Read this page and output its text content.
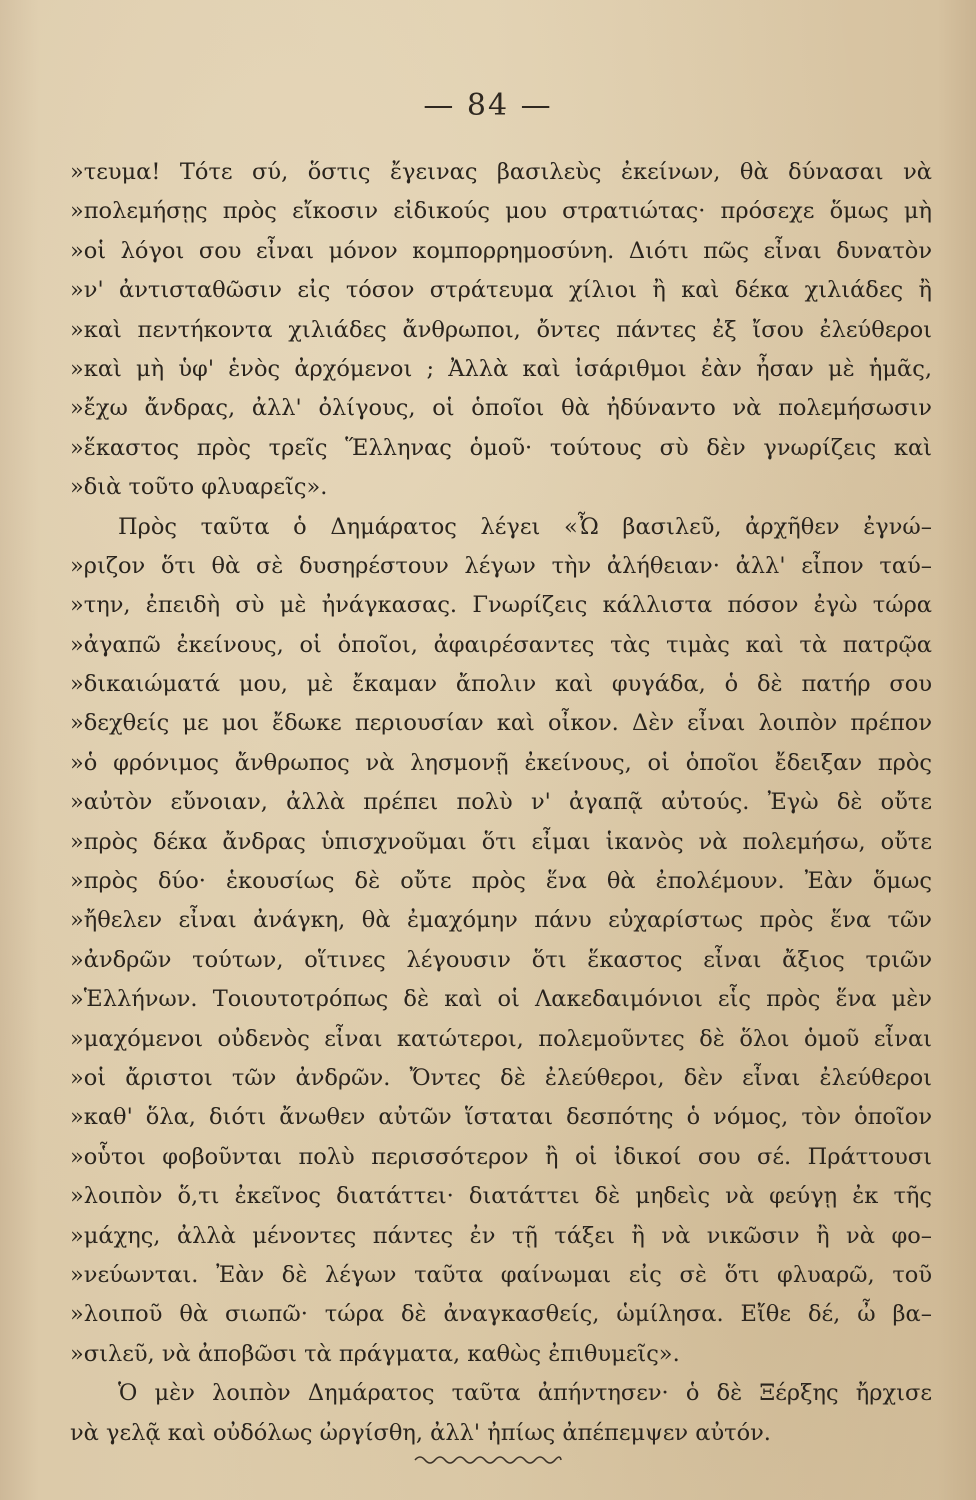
— 84 —
»τευμα! Τότε σύ, ὅστις ἔγεινας βασιλεὺς ἐκείνων, θὰ δύνασαι νὰ
»πολεμήσῃς πρὸς εἴκοσιν εἰδικούς μου στρατιώτας· πρόσεχε ὅμως μὴ
»οἱ λόγοι σου εἶναι μόνον κομπορρημοσύνη. Διότι πῶς εἶναι δυνατὸν
»ν' ἀντισταθῶσιν εἰς τόσον στράτευμα χίλιοι ἢ καὶ δέκα χιλιάδες ἢ
»καὶ πεντήκοντα χιλιάδες ἄνθρωποι, ὄντες πάντες ἐξ ἴσου ἐλεύθεροι
»καὶ μὴ ὑφ' ἑνὸς ἀρχόμενοι ; Ἀλλὰ καὶ ἰσάριθμοι ἐὰν ἦσαν μὲ ἡμᾶς,
»ἔχω ἄνδρας, ἀλλ' ὀλίγους, οἱ ὁποῖοι θὰ ἠδύναντο νὰ πολεμήσωσιν
»ἕκαστος πρὸς τρεῖς Ἕλληνας ὁμοῦ· τούτους σὺ δὲν γνωρίζεις καὶ
»διὰ τοῦτο φλυαρεῖς».
Πρὸς ταῦτα ὁ Δημάρατος λέγει «Ὦ βασιλεῦ, ἀρχῆθεν ἐγνώ–
»ριζον ὅτι θὰ σὲ δυσηρέστουν λέγων τὴν ἀλήθειαν· ἀλλ' εἶπον ταύ–
»την, ἐπειδὴ σὺ μὲ ἠνάγκασας. Γνωρίζεις κάλλιστα πόσον ἐγὼ τώρα
»ἀγαπῶ ἐκείνους, οἱ ὁποῖοι, ἀφαιρέσαντες τὰς τιμὰς καὶ τὰ πατρῷα
»δικαιώματά μου, μὲ ἔκαμαν ἄπολιν καὶ φυγάδα, ὁ δὲ πατήρ σου
»δεχθείς με μοι ἔδωκε περιουσίαν καὶ οἶκον. Δὲν εἶναι λοιπὸν πρέπον
»ὁ φρόνιμος ἄνθρωπος νὰ λησμονῇ ἐκείνους, οἱ ὁποῖοι ἔδειξαν πρὸς
»αὐτὸν εὔνοιαν, ἀλλὰ πρέπει πολὺ ν' ἀγαπᾷ αὐτούς. Ἐγὼ δὲ οὔτε
»πρὸς δέκα ἄνδρας ὑπισχνοῦμαι ὅτι εἶμαι ἱκανὸς νὰ πολεμήσω, οὔτε
»πρὸς δύο· ἑκουσίως δὲ οὔτε πρὸς ἕνα θὰ ἐπολέμουν. Ἐὰν ὅμως
»ἤθελεν εἶναι ἀνάγκη, θὰ ἐμαχόμην πάνυ εὐχαρίστως πρὸς ἕνα τῶν
»ἀνδρῶν τούτων, οἵτινες λέγουσιν ὅτι ἕκαστος εἶναι ἄξιος τριῶν
»Ἑλλήνων. Τοιουτοτρόπως δὲ καὶ οἱ Λακεδαιμόνιοι εἷς πρὸς ἕνα μὲν
»μαχόμενοι οὐδενὸς εἶναι κατώτεροι, πολεμοῦντες δὲ ὅλοι ὁμοῦ εἶναι
»οἱ ἄριστοι τῶν ἀνδρῶν. Ὄντες δὲ ἐλεύθεροι, δὲν εἶναι ἐλεύθεροι
»καθ' ὅλα, διότι ἄνωθεν αὐτῶν ἵσταται δεσπότης ὁ νόμος, τὸν ὁποῖον
»οὗτοι φοβοῦνται πολὺ περισσότερον ἢ οἱ ἰδικοί σου σέ. Πράττουσι
»λοιπὸν ὅ,τι ἐκεῖνος διατάττει· διατάττει δὲ μηδεὶς νὰ φεύγῃ ἐκ τῆς
»μάχης, ἀλλὰ μένοντες πάντες ἐν τῇ τάξει ἢ νὰ νικῶσιν ἢ νὰ φο–
»νεύωνται. Ἐὰν δὲ λέγων ταῦτα φαίνωμαι εἰς σὲ ὅτι φλυαρῶ, τοῦ
»λοιποῦ θὰ σιωπῶ· τώρα δὲ ἀναγκασθείς, ὡμίλησα. Εἴθε δέ, ὦ βα–
»σιλεῦ, νὰ ἀποβῶσι τὰ πράγματα, καθὼς ἐπιθυμεῖς».
Ὁ μὲν λοιπὸν Δημάρατος ταῦτα ἀπήντησεν· ὁ δὲ Ξέρξης ἤρχισε
νὰ γελᾷ καὶ οὐδόλως ὠργίσθη, ἀλλ' ἠπίως ἀπέπεμψεν αὐτόν.
